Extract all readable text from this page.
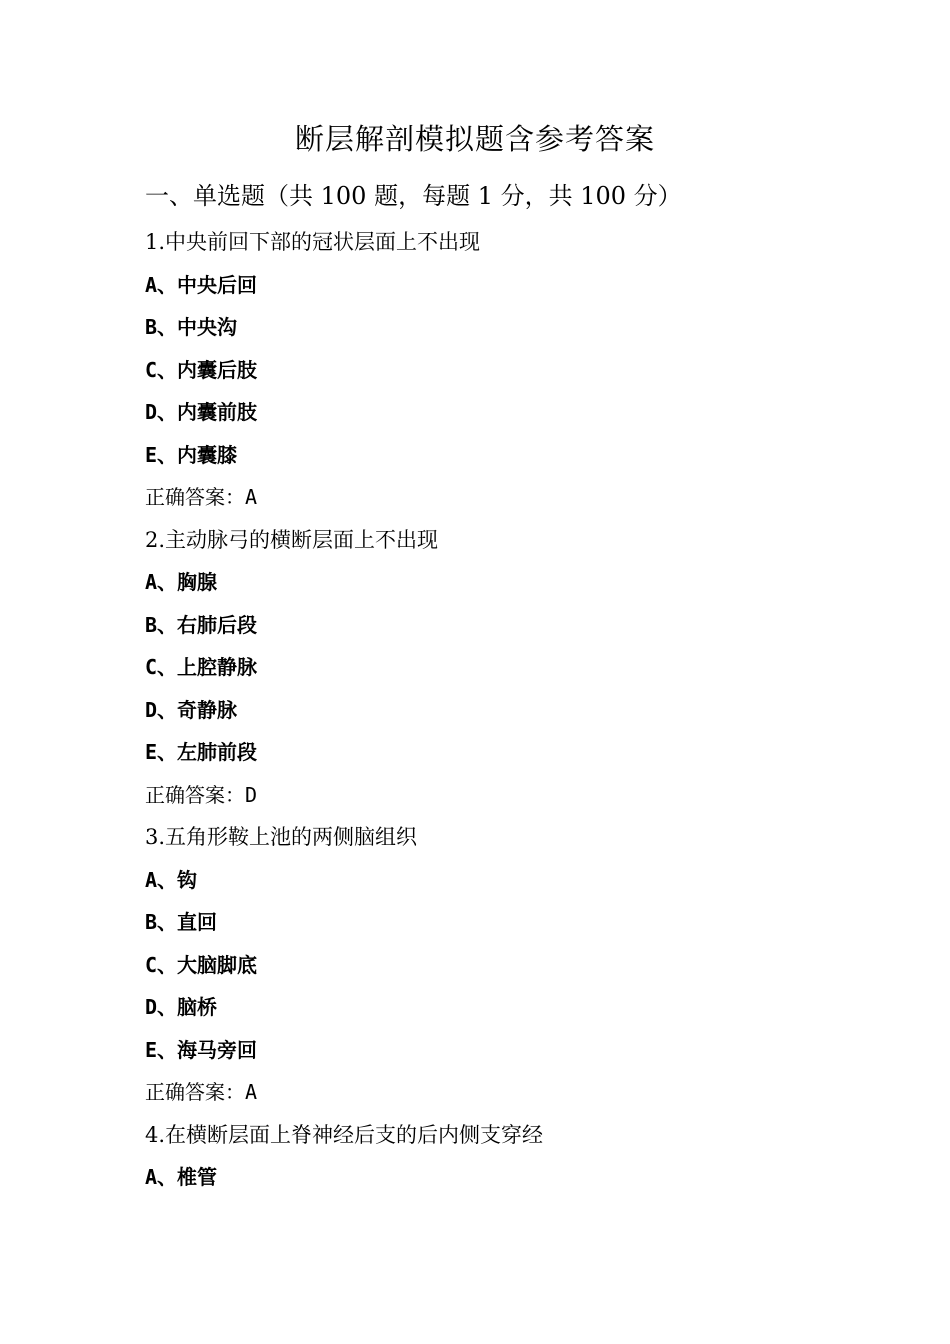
断层解剖模拟题含参考答案
一、单选题（共 100 题，每题 1 分，共 100 分）
1.中央前回下部的冠状层面上不出现
A、中央后回
B、中央沟
C、内囊后肢
D、内囊前肢
E、内囊膝
正确答案：A
2.主动脉弓的横断层面上不出现
A、胸腺
B、右肺后段
C、上腔静脉
D、奇静脉
E、左肺前段
正确答案：D
3.五角形鞍上池的两侧脑组织
A、钩
B、直回
C、大脑脚底
D、脑桥
E、海马旁回
正确答案：A
4.在横断层面上脊神经后支的后内侧支穿经
A、椎管
